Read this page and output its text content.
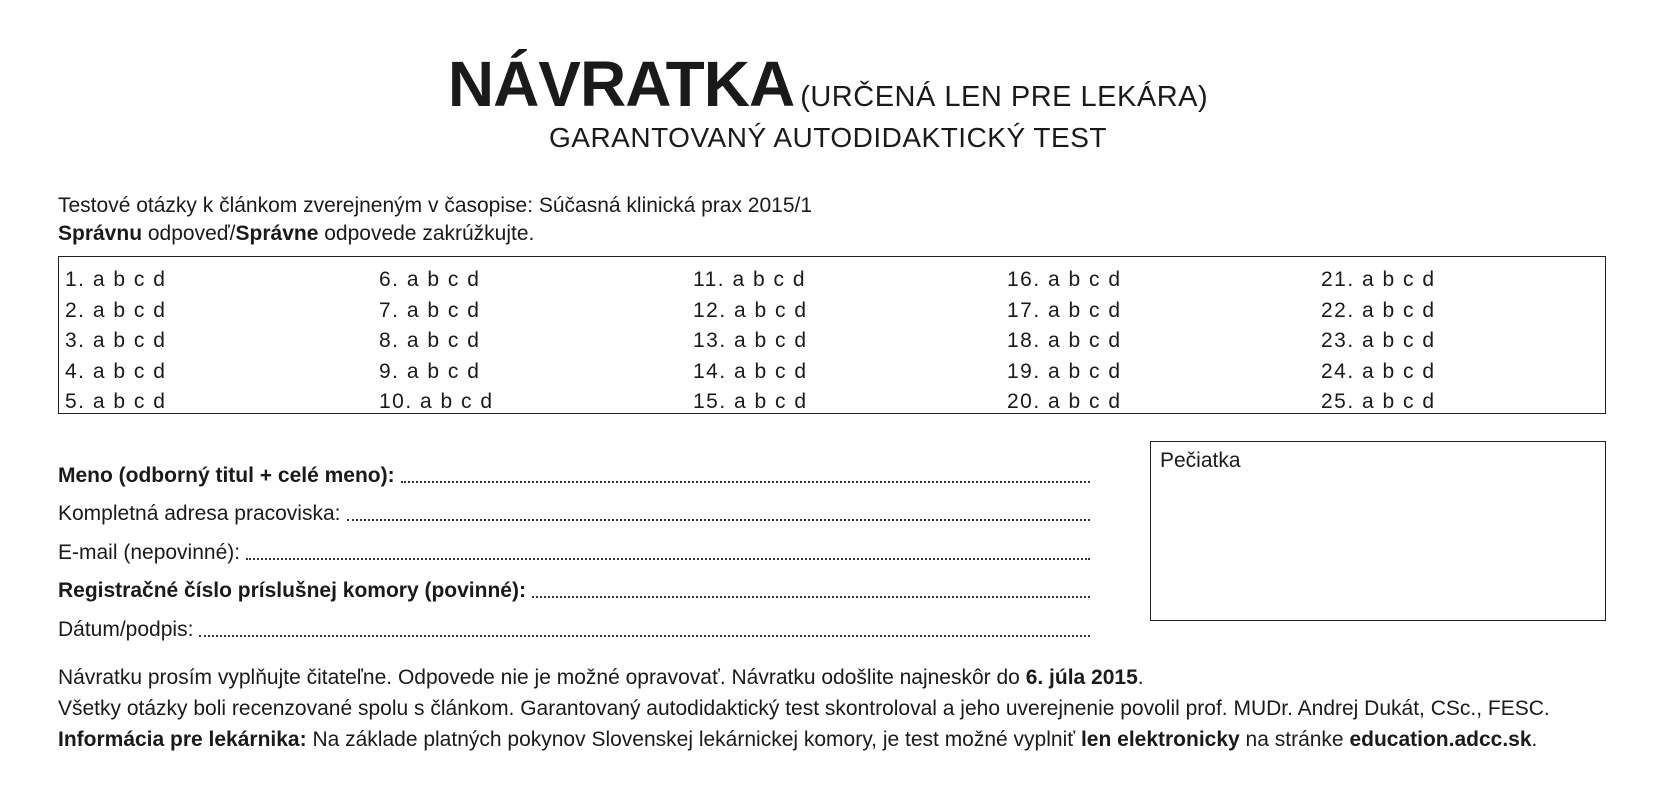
NÁVRATKA (URČENÁ LEN PRE LEKÁRA)
GARANTOVANÝ AUTODIDAKTICKÝ TEST
Testové otázky k článkom zverejneným v časopise: Súčasná klinická prax 2015/1
Správnu odpoveď/Správne odpovede zakrúžkujte.
1. a b c d
2. a b c d
3. a b c d
4. a b c d
5. a b c d
6. a b c d
7. a b c d
8. a b c d
9. a b c d
10. a b c d
11. a b c d
12. a b c d
13. a b c d
14. a b c d
15. a b c d
16. a b c d
17. a b c d
18. a b c d
19. a b c d
20. a b c d
21. a b c d
22. a b c d
23. a b c d
24. a b c d
25. a b c d
Meno (odborný titul + celé meno):
Kompletná adresa pracoviska:
E-mail (nepovinné):
Registračné číslo príslušnej komory (povinné):
Dátum/podpis:
Pečiatka
Návratku prosím vyplňujte čitateľne. Odpovede nie je možné opravovať. Návratku odošlite najneskôr do 6. júla 2015.
Všetky otázky boli recenzované spolu s článkom. Garantovaný autodidaktický test skontroloval a jeho uverejnenie povolil prof. MUDr. Andrej Dukát, CSc., FESC.
Informácia pre lekárnika: Na základe platných pokynov Slovenskej lekárnickej komory, je test možné vyplniť len elektronicky na stránke education.adcc.sk.
